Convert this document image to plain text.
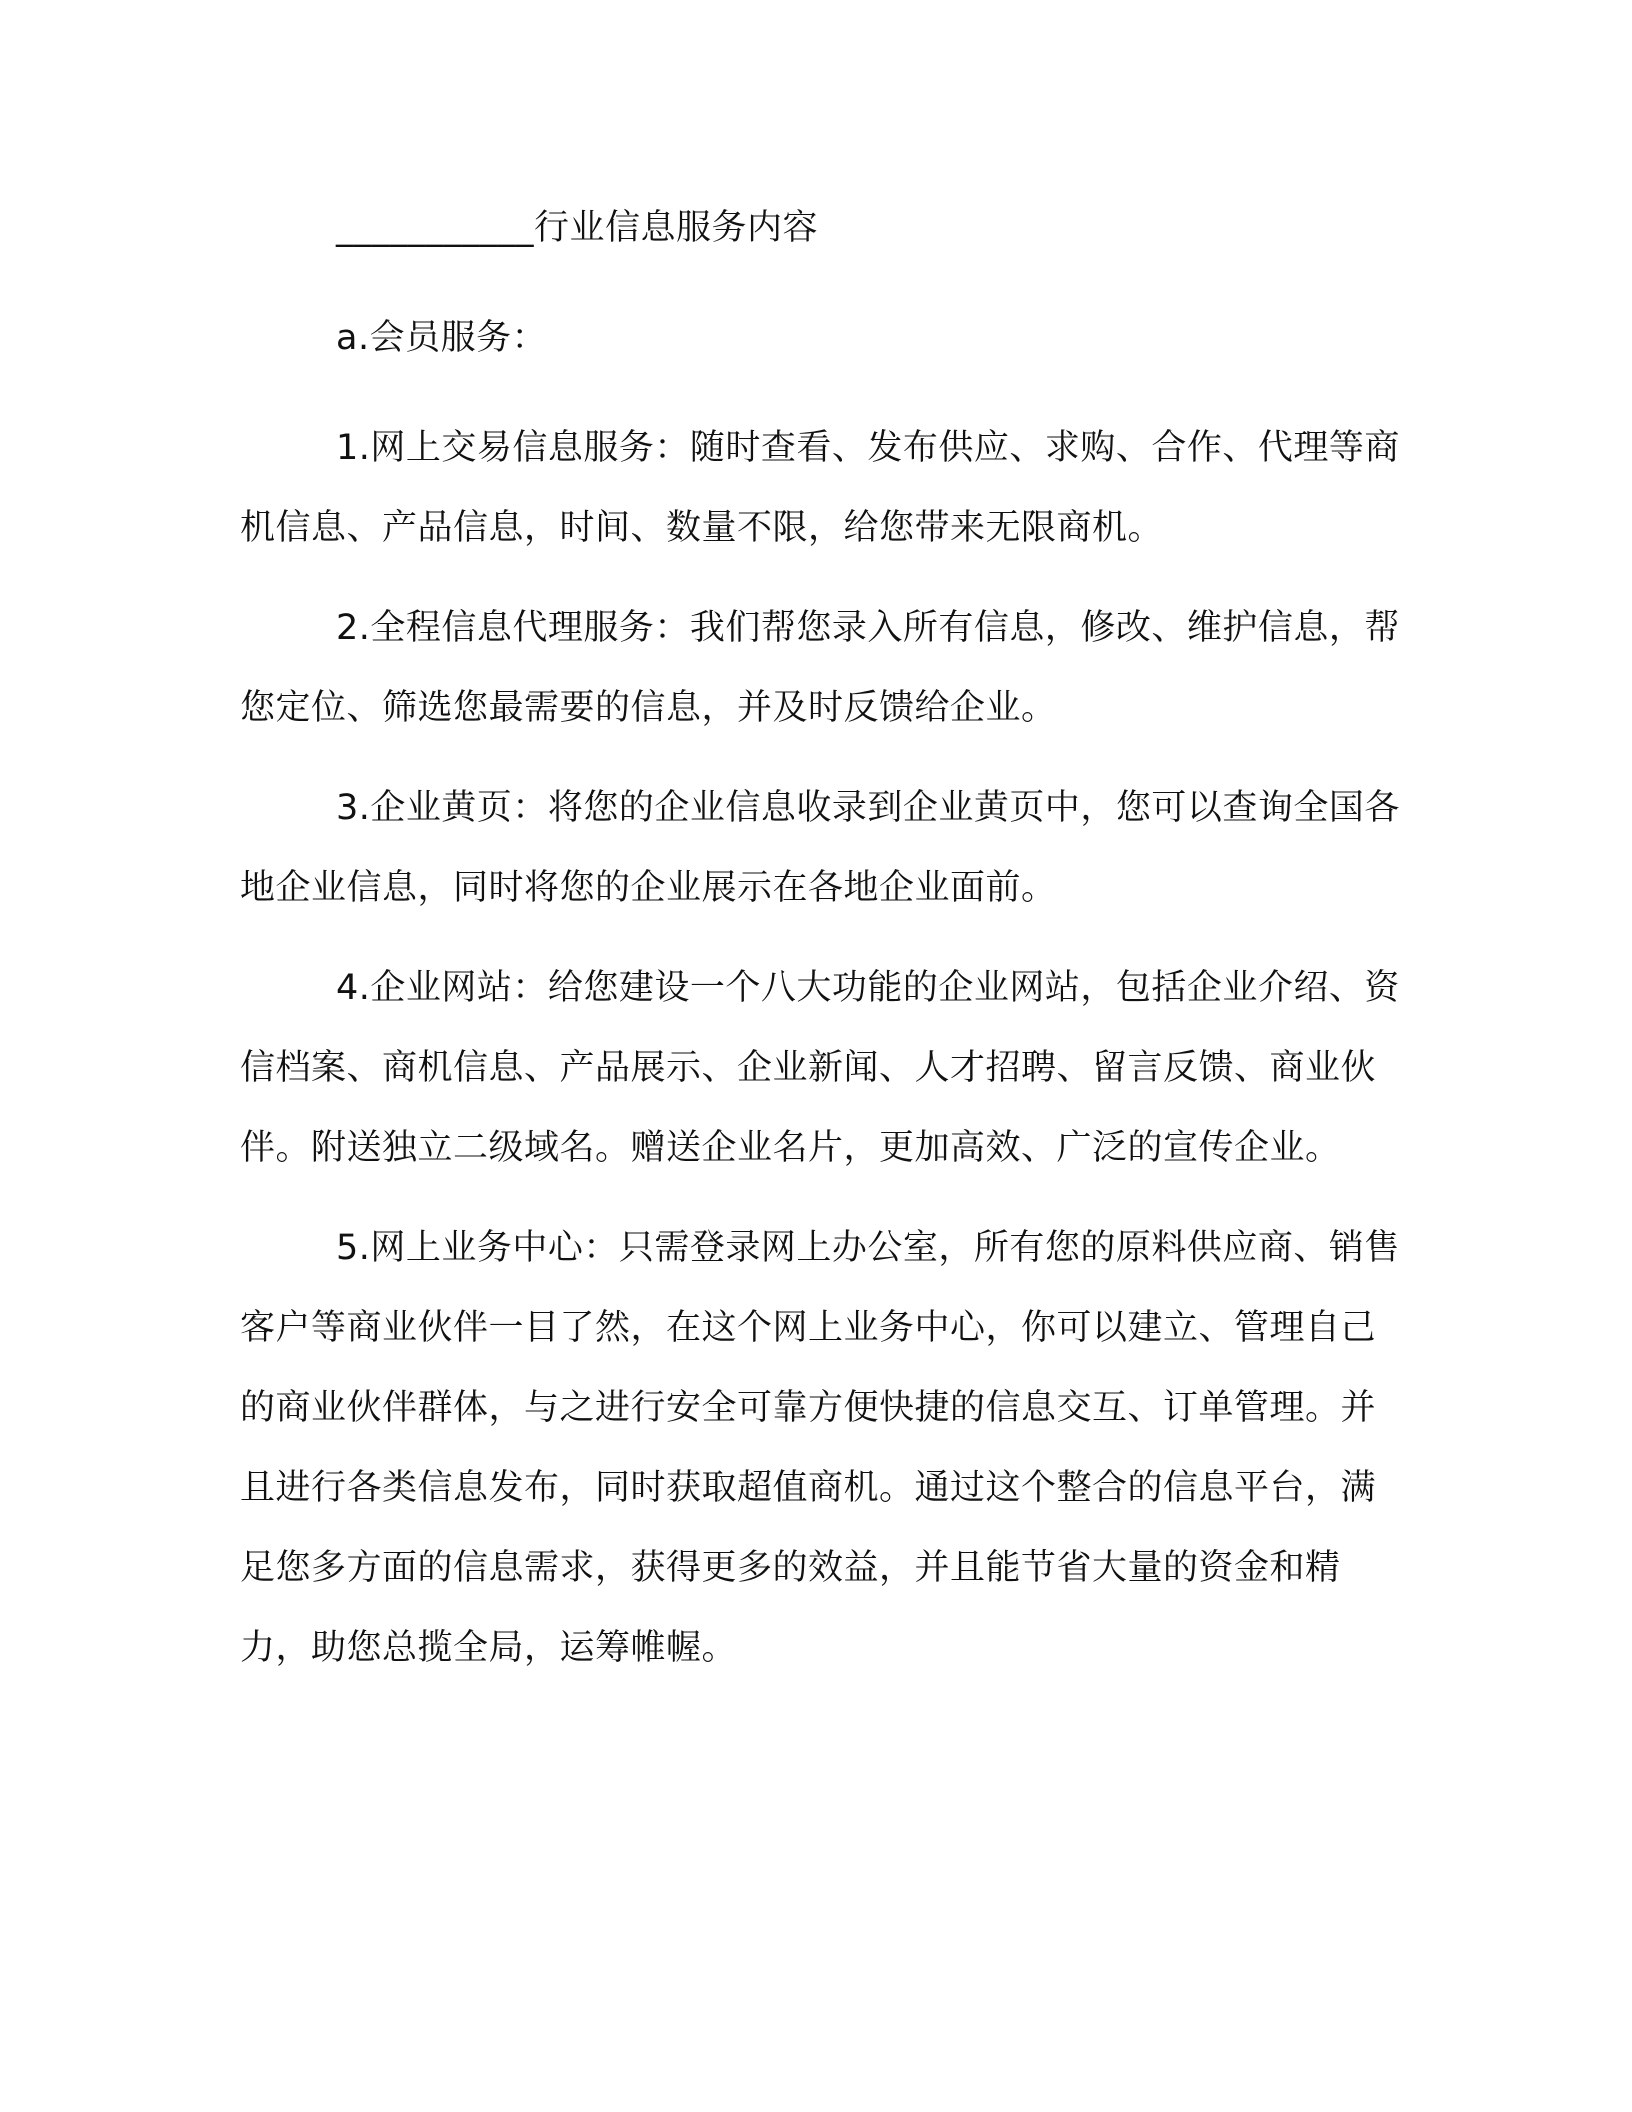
___________行业信息服务内容

a.会员服务：

1.网上交易信息服务：随时查看、发布供应、求购、合作、代理等商机信息、产品信息，时间、数量不限，给您带来无限商机。

2.全程信息代理服务：我们帮您录入所有信息，修改、维护信息，帮您定位、筛选您最需要的信息，并及时反馈给企业。

3.企业黄页：将您的企业信息收录到企业黄页中，您可以查询全国各地企业信息，同时将您的企业展示在各地企业面前。

4.企业网站：给您建设一个八大功能的企业网站，包括企业介绍、资信档案、商机信息、产品展示、企业新闻、人才招聘、留言反馈、商业伙伴。附送独立二级域名。赠送企业名片，更加高效、广泛的宣传企业。

5.网上业务中心：只需登录网上办公室，所有您的原料供应商、销售客户等商业伙伴一目了然，在这个网上业务中心，你可以建立、管理自己的商业伙伴群体，与之进行安全可靠方便快捷的信息交互、订单管理。并且进行各类信息发布，同时获取超值商机。通过这个整合的信息平台，满足您多方面的信息需求，获得更多的效益，并且能节省大量的资金和精力，助您总揽全局，运筹帷幄。
